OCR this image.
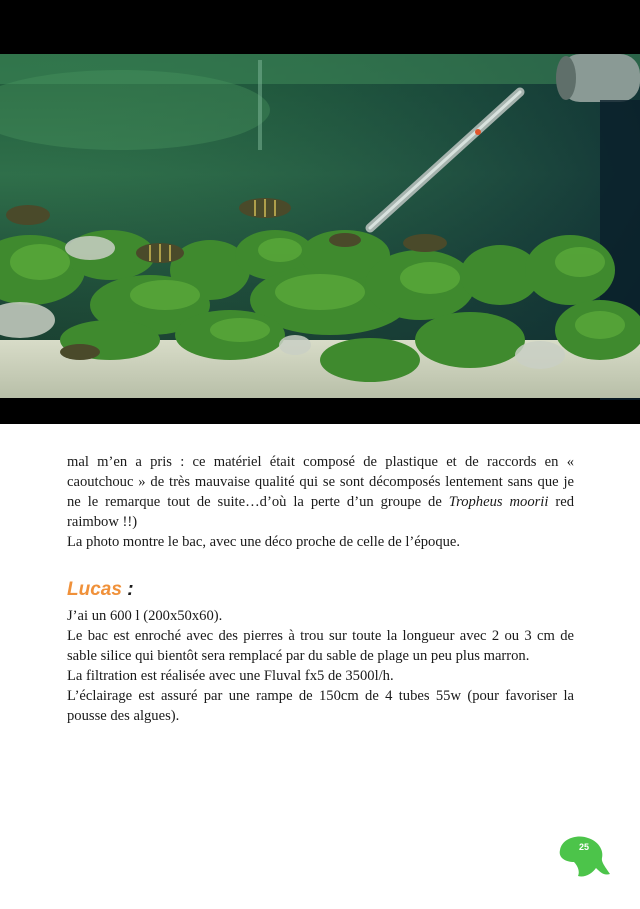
mal m’en a pris : ce matériel était composé de plastique et de raccords en « caoutchouc » de très mauvaise qualité qui se sont décomposés lentement sans que je ne le remarque tout de suite…d’où la perte d’un groupe de Tropheus moorii red raimbow !!)

La photo montre le bac, avec une déco proche de celle de l’époque.

Lucas :

J’ai un 600 l (200x50x60).

Le bac est enroché avec des pierres à trou sur toute la longueur avec 2 ou 3 cm de sable silice qui bientôt sera remplacé par du sable de plage un peu plus marron.

La filtration est réalisée avec une Fluval fx5 de 3500l/h.

L’éclairage est assuré par une rampe de 150cm de 4 tubes 55w (pour favoriser la pousse des algues).

25
